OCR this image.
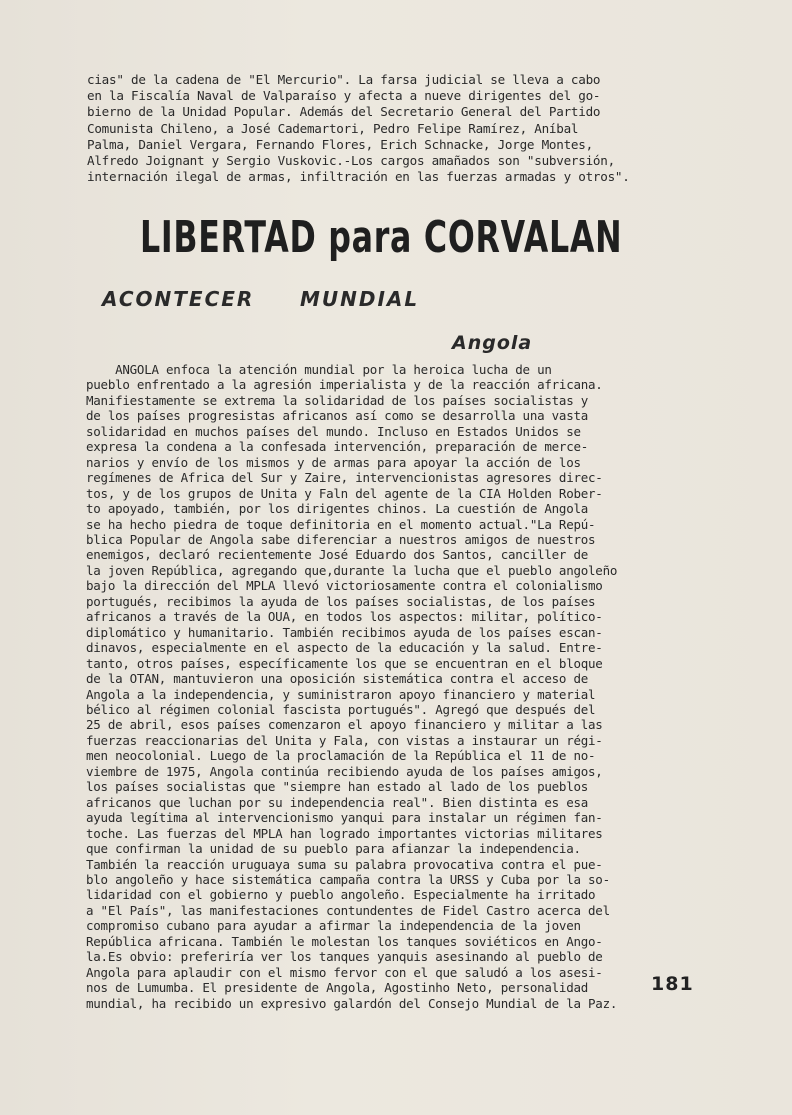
cias" de la cadena de "El Mercurio". La farsa judicial se lleva a cabo
en la Fiscalía Naval de Valparaíso y afecta a nueve dirigentes del go-
bierno de la Unidad Popular. Además del Secretario General del Partido
Comunista Chileno, a José Cademartori, Pedro Felipe Ramírez, Aníbal
Palma, Daniel Vergara, Fernando Flores, Erich Schnacke, Jorge Montes,
Alfredo Joignant y Sergio Vuskovic.-Los cargos amañados son "subversión,
internación ilegal de armas, infiltración en las fuerzas armadas y otros".

LIBERTAD para CORVALAN
ACONTECER MUNDIAL
Angola

ANGOLA enfoca la atención mundial por la heroica lucha de un
pueblo enfrentado a la agresión imperialista y de la reacción africana.
Manifiestamente se extrema la solidaridad de los países socialistas y
de los países progresistas africanos así como se desarrolla una vasta
solidaridad en muchos países del mundo. Incluso en Estados Unidos se
expresa la condena a la confesada intervención, preparación de merce-
narios y envío de los mismos y de armas para apoyar la acción de los
regímenes de Africa del Sur y Zaire, intervencionistas agresores direc-
tos, y de los grupos de Unita y Faln del agente de la CIA Holden Rober-
to apoyado, también, por los dirigentes chinos. La cuestión de Angola
se ha hecho piedra de toque definitoria en el momento actual."La Repú-
blica Popular de Angola sabe diferenciar a nuestros amigos de nuestros
enemigos, declaró recientemente José Eduardo dos Santos, canciller de
la joven República, agregando que,durante la lucha que el pueblo angoleño
bajo la dirección del MPLA llevó victoriosamente contra el colonialismo
portugués, recibimos la ayuda de los países socialistas, de los países
africanos a través de la OUA, en todos los aspectos: militar, político-
diplomático y humanitario. También recibimos ayuda de los países escan-
dinavos, especialmente en el aspecto de la educación y la salud. Entre-
tanto, otros países, específicamente los que se encuentran en el bloque
de la OTAN, mantuvieron una oposición sistemática contra el acceso de
Angola a la independencia, y suministraron apoyo financiero y material
bélico al régimen colonial fascista portugués". Agregó que después del
25 de abril, esos países comenzaron el apoyo financiero y militar a las
fuerzas reaccionarias del Unita y Fala, con vistas a instaurar un régi-
men neocolonial. Luego de la proclamación de la República el 11 de no-
viembre de 1975, Angola continúa recibiendo ayuda de los países amigos,
los países socialistas que "siempre han estado al lado de los pueblos
africanos que luchan por su independencia real". Bien distinta es esa
ayuda legítima al intervencionismo yanqui para instalar un régimen fan-
toche. Las fuerzas del MPLA han logrado importantes victorias militares
que confirman la unidad de su pueblo para afianzar la independencia.
También la reacción uruguaya suma su palabra provocativa contra el pue-
blo angoleño y hace sistemática campaña contra la URSS y Cuba por la so-
lidaridad con el gobierno y pueblo angoleño. Especialmente ha irritado
a "El País", las manifestaciones contundentes de Fidel Castro acerca del
compromiso cubano para ayudar a afirmar la independencia de la joven
República africana. También le molestan los tanques soviéticos en Ango-
la.Es obvio: preferiría ver los tanques yanquis asesinando al pueblo de
Angola para aplaudir con el mismo fervor con el que saludó a los asesi-
nos de Lumumba. El presidente de Angola, Agostinho Neto, personalidad
mundial, ha recibido un expresivo galardón del Consejo Mundial de la Paz.

181
